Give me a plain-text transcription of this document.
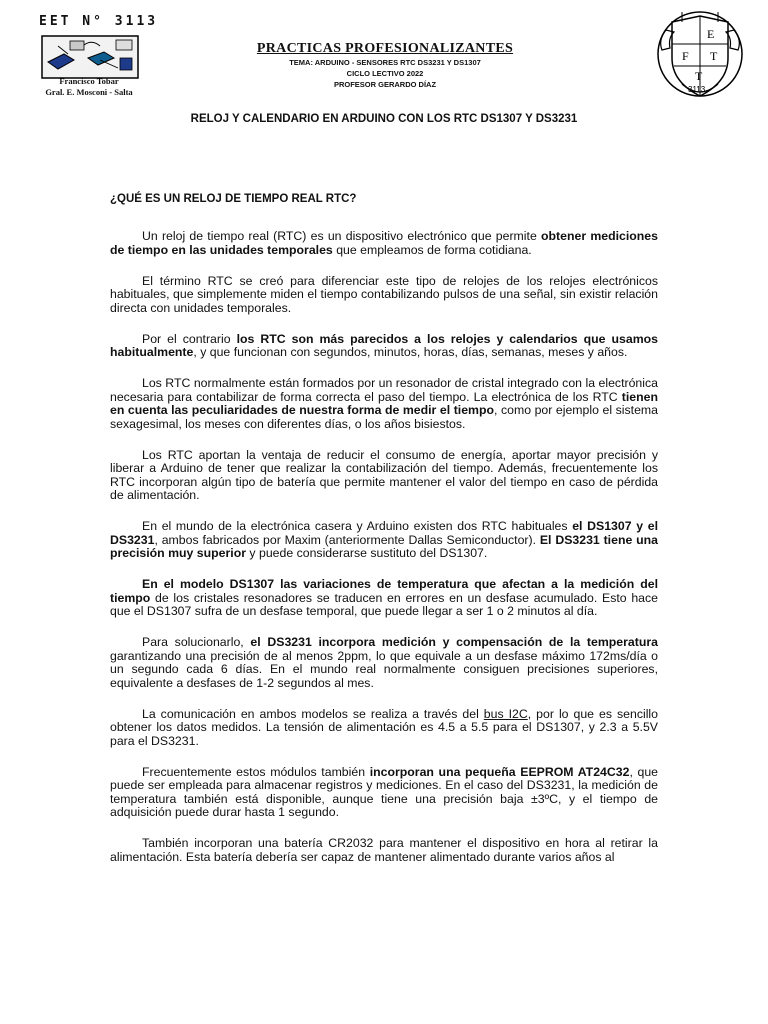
EET N° 3113
Francisco Tobar
Gral. E. Mosconi - Salta
PRACTICAS PROFESIONALIZANTES
TEMA: ARDUINO - SENSORES RTC DS3231 Y DS1307
CICLO LECTIVO 2022
PROFESOR GERARDO DÍAZ
E
F T
T
3113
RELOJ Y CALENDARIO EN ARDUINO CON LOS RTC DS1307 Y DS3231
¿QUÉ ES UN RELOJ DE TIEMPO REAL RTC?

Un reloj de tiempo real (RTC) es un dispositivo electrónico que permite obtener mediciones de tiempo en las unidades temporales que empleamos de forma cotidiana.

El término RTC se creó para diferenciar este tipo de relojes de los relojes electrónicos habituales, que simplemente miden el tiempo contabilizando pulsos de una señal, sin existir relación directa con unidades temporales.

Por el contrario los RTC son más parecidos a los relojes y calendarios que usamos habitualmente, y que funcionan con segundos, minutos, horas, días, semanas, meses y años.

Los RTC normalmente están formados por un resonador de cristal integrado con la electrónica necesaria para contabilizar de forma correcta el paso del tiempo. La electrónica de los RTC tienen en cuenta las peculiaridades de nuestra forma de medir el tiempo, como por ejemplo el sistema sexagesimal, los meses con diferentes días, o los años bisiestos.

Los RTC aportan la ventaja de reducir el consumo de energía, aportar mayor precisión y liberar a Arduino de tener que realizar la contabilización del tiempo. Además, frecuentemente los RTC incorporan algún tipo de batería que permite mantener el valor del tiempo en caso de pérdida de alimentación.

En el mundo de la electrónica casera y Arduino existen dos RTC habituales el DS1307 y el DS3231, ambos fabricados por Maxim (anteriormente Dallas Semiconductor). El DS3231 tiene una precisión muy superior y puede considerarse sustituto del DS1307.

En el modelo DS1307 las variaciones de temperatura que afectan a la medición del tiempo de los cristales resonadores se traducen en errores en un desfase acumulado. Esto hace que el DS1307 sufra de un desfase temporal, que puede llegar a ser 1 o 2 minutos al día.

Para solucionarlo, el DS3231 incorpora medición y compensación de la temperatura garantizando una precisión de al menos 2ppm, lo que equivale a un desfase máximo 172ms/día o un segundo cada 6 días. En el mundo real normalmente consiguen precisiones superiores, equivalente a desfases de 1-2 segundos al mes.

La comunicación en ambos modelos se realiza a través del bus I2C, por lo que es sencillo obtener los datos medidos. La tensión de alimentación es 4.5 a 5.5 para el DS1307, y 2.3 a 5.5V para el DS3231.

Frecuentemente estos módulos también incorporan una pequeña EEPROM AT24C32, que puede ser empleada para almacenar registros y mediciones. En el caso del DS3231, la medición de temperatura también está disponible, aunque tiene una precisión baja ±3ºC, y el tiempo de adquisición puede durar hasta 1 segundo.

También incorporan una batería CR2032 para mantener el dispositivo en hora al retirar la alimentación. Esta batería debería ser capaz de mantener alimentado durante varios años al
